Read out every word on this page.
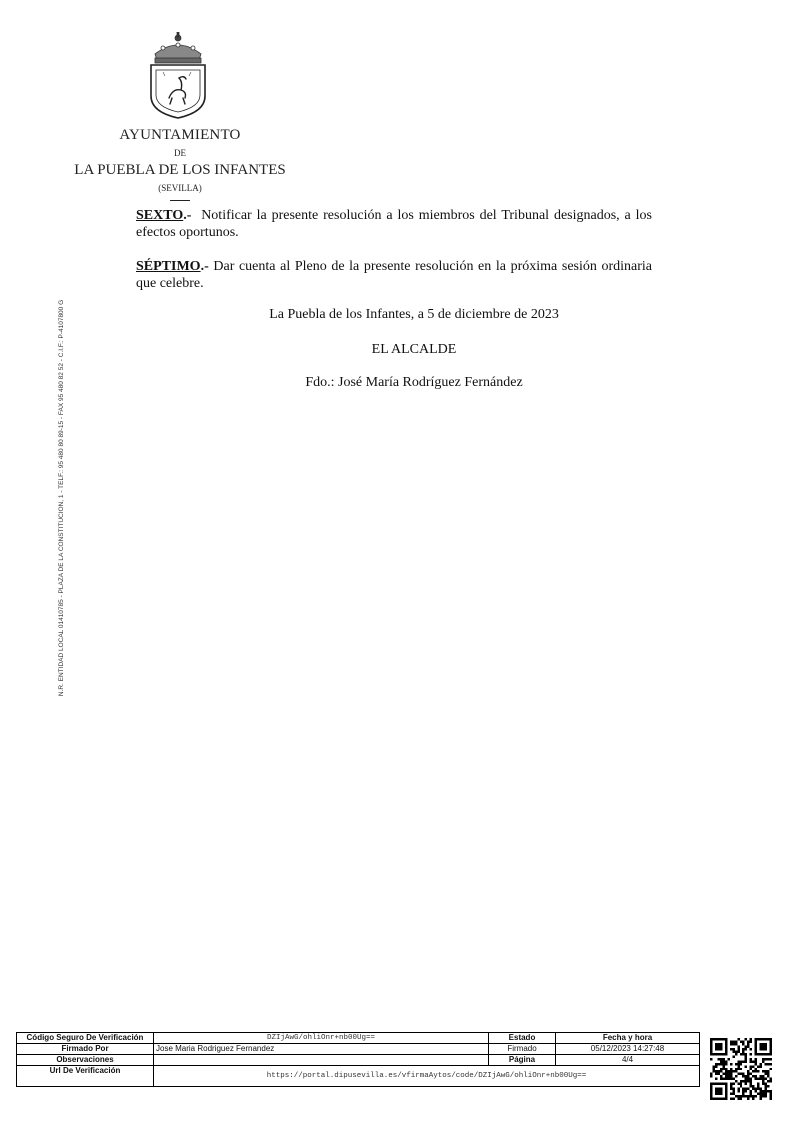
AYUNTAMIENTO
DE
LA PUEBLA DE LOS INFANTES
(SEVILLA)
N.R. ENTIDAD LOCAL 01410785 - PLAZA DE LA CONSTITUCION, 1 - TELF.: 95 480 80 89-15 - FAX 95 480 82 52 - C.I.F.: P-4107800 G
SEXTO.- Notificar la presente resolución a los miembros del Tribunal designados, a los efectos oportunos.
SÉPTIMO.- Dar cuenta al Pleno de la presente resolución en la próxima sesión ordinaria que celebre.
La Puebla de los Infantes, a 5 de diciembre de 2023
EL ALCALDE
Fdo.: José María Rodríguez Fernández
Código Seguro De Verificación	DZIjAwG/ohliOnr+nb00Ug==	Estado	Fecha y hora
Firmado Por	Jose Maria Rodriguez Fernandez	Firmado	05/12/2023 14:27:48
Observaciones		Página	4/4
Url De Verificación	https://portal.dipusevilla.es/vfirmaAytos/code/DZIjAwG/ohliOnr+nb00Ug==		
